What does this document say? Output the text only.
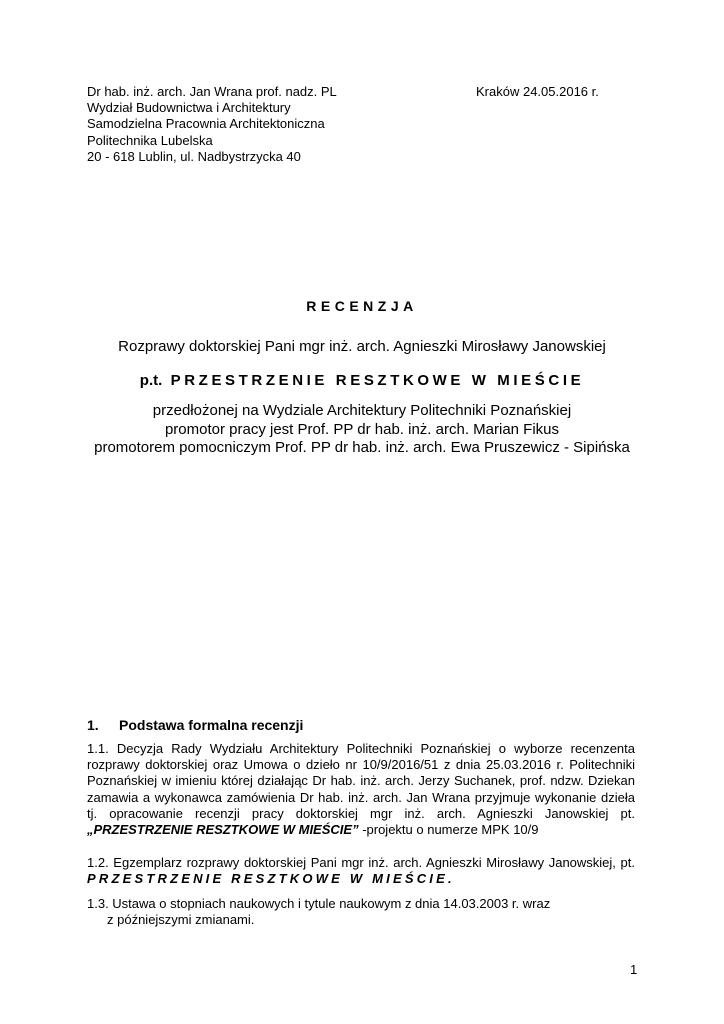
Dr hab. inż. arch. Jan Wrana prof. nadz. PL
Wydział Budownictwa i Architektury
Samodzielna Pracownia Architektoniczna
Politechnika Lubelska
20 - 618 Lublin, ul. Nadbystrzycka 40
Kraków 24.05.2016 r.
RECENZJA
Rozprawy doktorskiej Pani mgr inż. arch. Agnieszki Mirosławy Janowskiej
p.t. PRZESTRZENIE RESZTKOWE W MIEŚCIE
przedłożonej na Wydziale Architektury Politechniki Poznańskiej
promotor pracy jest Prof. PP dr hab. inż. arch. Marian Fikus
promotorem pomocniczym Prof. PP dr hab. inż. arch. Ewa Pruszewicz - Sipińska
1. Podstawa formalna recenzji
1.1. Decyzja Rady Wydziału Architektury Politechniki Poznańskiej o wyborze recenzenta rozprawy doktorskiej oraz Umowa o dzieło nr 10/9/2016/51 z dnia 25.03.2016 r. Politechniki Poznańskiej w imieniu której działając Dr hab. inż. arch. Jerzy Suchanek, prof. ndzw. Dziekan zamawia a wykonawca zamówienia Dr hab. inż. arch. Jan Wrana przyjmuje wykonanie dzieła tj. opracowanie recenzji pracy doktorskiej mgr inż. arch. Agnieszki Janowskiej pt. „PRZESTRZENIE RESZTKOWE W MIEŚCIE” -projektu o numerze MPK 10/9
1.2. Egzemplarz rozprawy doktorskiej Pani mgr inż. arch. Agnieszki Mirosławy Janowskiej, pt. PRZESTRZENIE RESZTKOWE W MIEŚCIE.
1.3. Ustawa o stopniach naukowych i tytule naukowym z dnia 14.03.2003 r. wraz
z późniejszymi zmianami.
1
